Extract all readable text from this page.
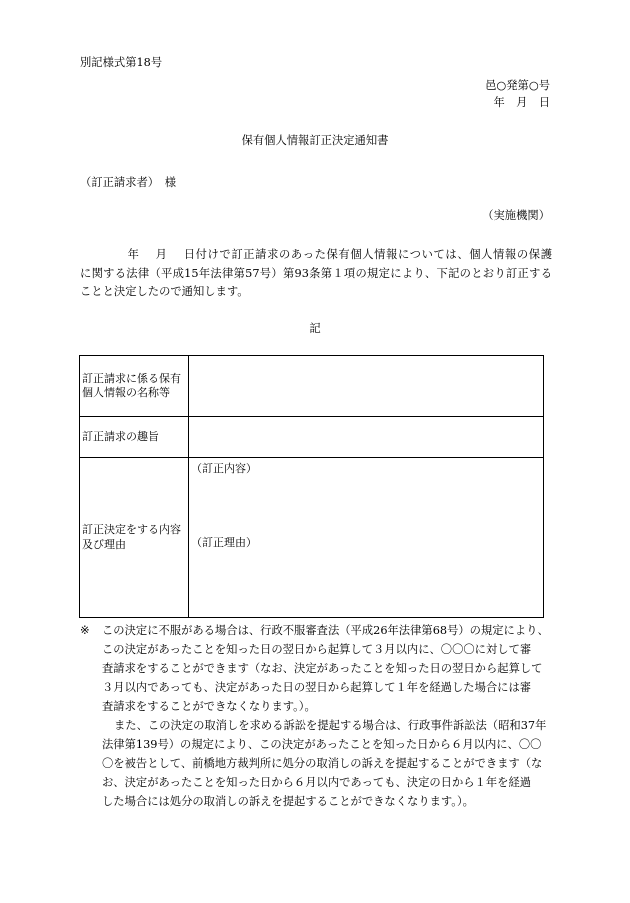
別記様式第18号
邑○発第○号
年　月　日
保有個人情報訂正決定通知書
（訂正請求者）　様
（実施機関）
　　　　年　 月　 日付けで訂正請求のあった保有個人情報については、個人情報の保護
に関する法律（平成15年法律第57号）第93条第１項の規定により、下記のとおり訂正する
ことと決定したので通知します。
記
訂正請求に係る保有
個人情報の名称等	
訂正請求の趣旨	
訂正決定をする内容
及び理由	（訂正内容）
（訂正理由）
※ この決定に不服がある場合は、行政不服審査法（平成26年法律第68号）の規定により、
この決定があったことを知った日の翌日から起算して３月以内に、〇〇〇に対して審
査請求をすることができます（なお、決定があったことを知った日の翌日から起算して
３月以内であっても、決定があった日の翌日から起算して１年を経過した場合には審
査請求をすることができなくなります。）。
また、この決定の取消しを求める訴訟を提起する場合は、行政事件訴訟法（昭和37年
法律第139号）の規定により、この決定があったことを知った日から６月以内に、〇〇
〇を被告として、前橋地方裁判所に処分の取消しの訴えを提起することができます（な
お、決定があったことを知った日から６月以内であっても、決定の日から１年を経過
した場合には処分の取消しの訴えを提起することができなくなります。）。
